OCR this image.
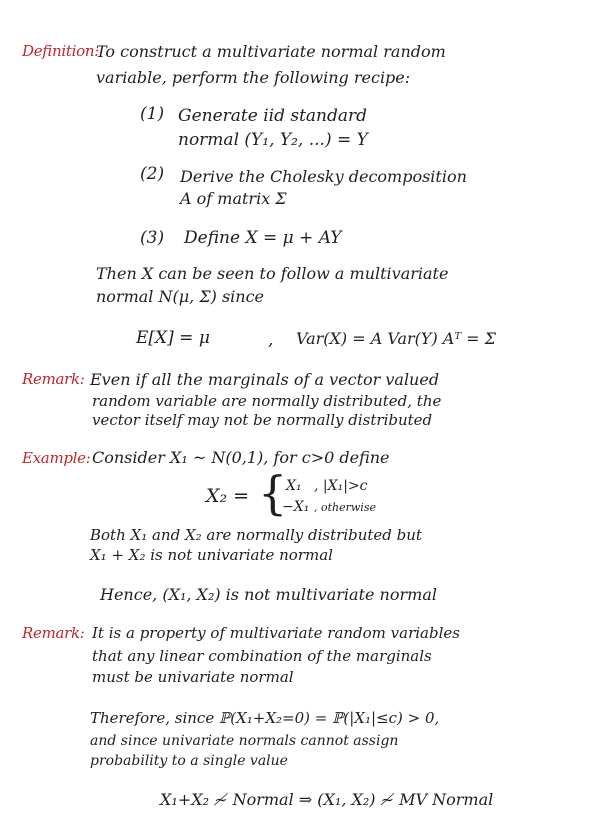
Definition:
To construct a multivariate normal random
variable, perform the following recipe:
(1) Generate iid standard
normal (Y₁, Y₂, ...) = Y
(2) Derive the Cholesky decomposition
A of matrix Σ
(3) Define X = μ + AY
Then X can be seen to follow a multivariate
normal N(μ, Σ) since
E[X] = μ	, Var(X) = A Var(Y) Aᵀ = Σ
Remark: Even if all the marginals of a vector valued
random variable are normally distributed, the
vector itself may not be normally distributed
Example: Consider X₁ ~ N(0,1), for c>0 define
X₂ = {
X₁ , |X₁|>c
−X₁ , otherwise
Both X₁ and X₂ are normally distributed but
X₁ + X₂ is not univariate normal
Hence, (X₁, X₂) is not multivariate normal
Remark: It is a property of multivariate random variables
that any linear combination of the marginals
must be univariate normal
Therefore, since ℙ(X₁+X₂=0) = ℙ(|X₁|≤c) > 0,
and since univariate normals cannot assign
probability to a single value
X₁+X₂ ≁ Normal ⇒ (X₁, X₂) ≁ MV Normal
